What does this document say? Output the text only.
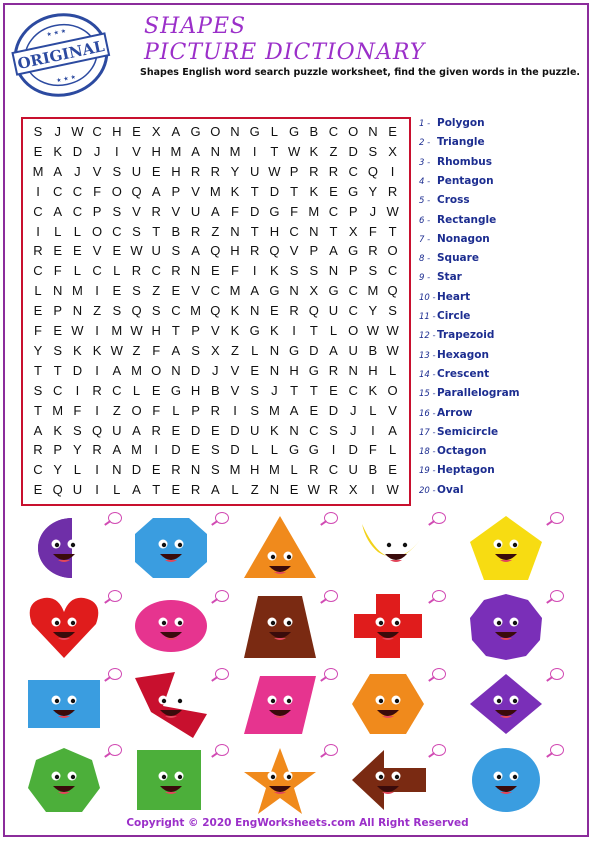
ORIGINAL
★ ★ ★
★ ★ ★
SHAPES
PICTURE DICTIONARY
Shapes English word search puzzle worksheet, find the given words in the puzzle.
S J W C H E X A G O N G L G B C O N E
E K D J	I	V H M A N M I	T W K Z D S X
M A J V S U E H R R Y U W P R R C Q I
I	C C F O Q A P V M K T D T K E G Y R
C A C P S V R V U A F D G F M C P J W
I	L L O C S T B R Z N T H C N T X F T
R E E V E W U S A Q H R Q V P A G R O
C F L C L R C R N E F	I	K S S N P S C
L N M I	E S Z E V C M A G N X G C M Q
E P N Z S Q S C M Q K N E R Q U C Y S
F E W I M W H T P V K G K	I	T L O W W
Y S K K W Z F A S X Z L N G D A U B W
T T D	I	A M O N D J V E N H G R N H L
S C	I	R C L E G H B V S J T T E C K O
T M F	I	Z O F L P R	I	S M A E D J L V
A K S Q U A R E D E D U K N C S J	I	A
R P Y R A M I	D E S D L L G G I	D F L
C Y L	I	N D E R N S M H M L R C U B E
E Q U	I	L A T E R A L Z N E W R X	I W
1 - Polygon
2 - Triangle
3 - Rhombus
4 - Pentagon
5 - Cross
6 - Rectangle
7 - Nonagon
8 - Square
9 - Star
10 -Heart
11 -Circle
12 -Trapezoid
13 -Hexagon
14 -Crescent
15 -Parallelogram
16 -Arrow
17 -Semicircle
18 -Octagon
19 -Heptagon
20 -Oval
Copyright © 2020 EngWorksheets.com All Right Reserved
